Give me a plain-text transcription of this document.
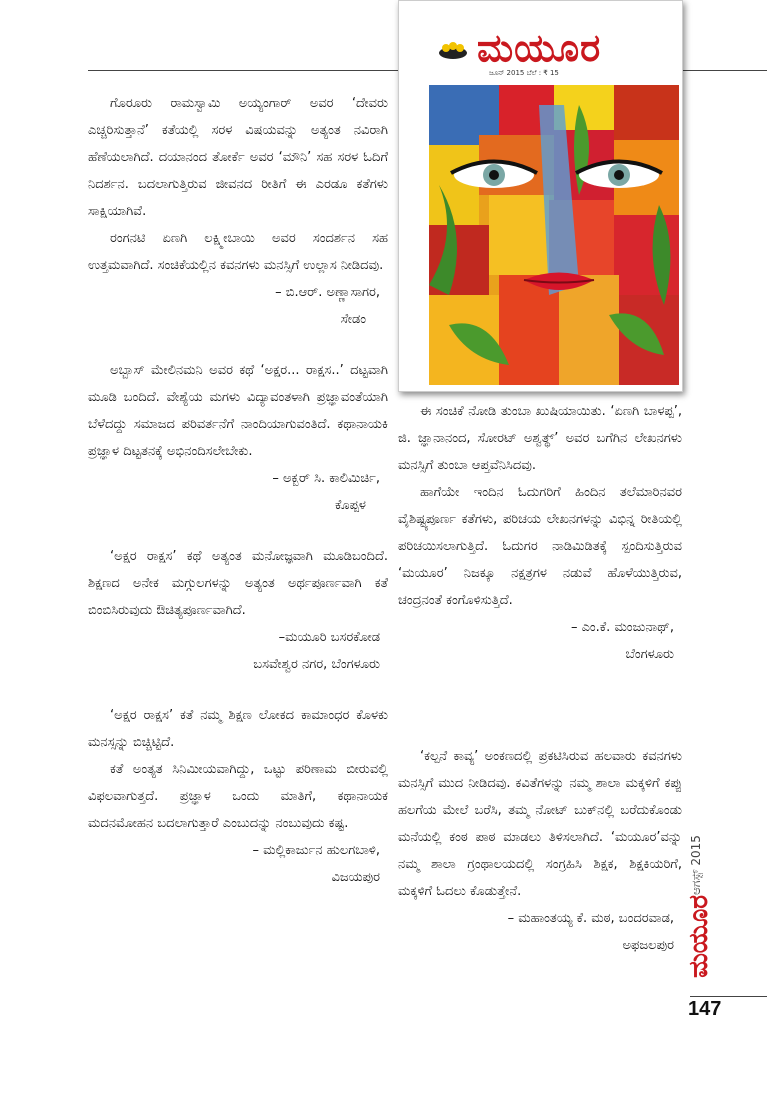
ಮಯೂರ
ಜೂನ್ 2015 ಬೆಲೆ : ₹ 15

ಗೊರೂರು ರಾಮಸ್ವಾಮಿ ಅಯ್ಯಂಗಾರ್ ಅವರ ‘ದೇವರು ಎಚ್ಚರಿಸುತ್ತಾನೆ’ ಕತೆಯಲ್ಲಿ ಸರಳ ವಿಷಯವನ್ನು ಅತ್ಯಂತ ನವಿರಾಗಿ ಹೆಣೆಯಲಾಗಿದೆ. ದಯಾನಂದ ತೋರ್ಕೆ ಅವರ ‘ಮೌನಿ’ ಸಹ ಸರಳ ಓದಿಗೆ ನಿದರ್ಶನ. ಬದಲಾಗುತ್ತಿರುವ ಜೀವನದ ರೀತಿಗೆ ಈ ಎರಡೂ ಕತೆಗಳು ಸಾಕ್ಷಿಯಾಗಿವೆ.

ರಂಗನಟಿ ಏಣಗಿ ಲಕ್ಷ್ಮೀಬಾಯಿ ಅವರ ಸಂದರ್ಶನ ಸಹ ಉತ್ತಮವಾಗಿದೆ. ಸಂಚಿಕೆಯಲ್ಲಿನ ಕವನಗಳು ಮನಸ್ಸಿಗೆ ಉಲ್ಲಾಸ ನೀಡಿದವು.

– ಬಿ.ಆರ್. ಅಣ್ಣಾಸಾಗರ,

ಸೇಡಂ

ಅಬ್ಬಾಸ್ ಮೇಲಿನಮನಿ ಅವರ ಕಥೆ ‘ಅಕ್ಷರ... ರಾಕ್ಷಸ..’ ದಟ್ಟವಾಗಿ ಮೂಡಿ ಬಂದಿದೆ. ವೇಶ್ಯೆಯ ಮಗಳು ವಿದ್ಯಾವಂತಳಾಗಿ ಪ್ರಜ್ಞಾವಂತೆಯಾಗಿ ಬೆಳೆದದ್ದು ಸಮಾಜದ ಪರಿವರ್ತನೆಗೆ ನಾಂದಿಯಾಗುವಂತಿದೆ. ಕಥಾನಾಯಕಿ ಪ್ರಜ್ಞಾಳ ದಿಟ್ಟತನಕ್ಕೆ ಅಭಿನಂದಿಸಲೇಬೇಕು.

– ಅಕ್ಬರ್ ಸಿ. ಕಾಲಿಮಿರ್ಚಿ,

ಕೊಪ್ಪಳ

‘ಅಕ್ಷರ ರಾಕ್ಷಸ’ ಕಥೆ ಅತ್ಯಂತ ಮನೋಜ್ಞವಾಗಿ ಮೂಡಿಬಂದಿದೆ. ಶಿಕ್ಷಣದ ಅನೇಕ ಮಗ್ಗುಲಗಳನ್ನು ಅತ್ಯಂತ ಅರ್ಥಪೂರ್ಣವಾಗಿ ಕತೆ ಬಿಂಬಿಸಿರುವುದು ಔಚಿತ್ಯಪೂರ್ಣವಾಗಿದೆ.

–ಮಯೂರಿ ಬಸರಕೋಡ

ಬಸವೇಶ್ವರ ನಗರ, ಬೆಂಗಳೂರು

‘ಅಕ್ಷರ ರಾಕ್ಷಸ’ ಕತೆ ನಮ್ಮ ಶಿಕ್ಷಣ ಲೋಕದ ಕಾಮಾಂಧರ ಕೊಳಕು ಮನಸ್ಸನ್ನು ಬಿಚ್ಚಿಟ್ಟಿದೆ.

ಕತೆ ಅಂತ್ಯತ ಸಿನಿಮೀಯವಾಗಿದ್ದು, ಒಟ್ಟು ಪರಿಣಾಮ ಬೀರುವಲ್ಲಿ ವಿಫಲವಾಗುತ್ತದೆ. ಪ್ರಜ್ಞಾಳ ಒಂದು ಮಾತಿಗೆ, ಕಥಾನಾಯಕ ಮದನಮೋಹನ ಬದಲಾಗುತ್ತಾರೆ ಎಂಬುದನ್ನು ನಂಬುವುದು ಕಷ್ಟ.

– ಮಲ್ಲಿಕಾರ್ಜುನ ಹುಲಗಬಾಳಿ,

ವಿಜಯಪುರ

ಈ ಸಂಚಿಕೆ ನೋಡಿ ತುಂಬಾ ಖುಷಿಯಾಯಿತು. ‘ಏಣಗಿ ಬಾಳಪ್ಪ’, ಜಿ. ಜ್ಞಾನಾನಂದ, ಸೋರಟ್ ಅಶ್ವತ್ಥ್’ ಅವರ ಬಗೆಗಿನ ಲೇಖನಗಳು ಮನಸ್ಸಿಗೆ ತುಂಬಾ ಆಪ್ತವೆನಿಸಿದವು.

ಹಾಗೆಯೇ ಇಂದಿನ ಓದುಗರಿಗೆ ಹಿಂದಿನ ತಲೆಮಾರಿನವರ ವೈಶಿಷ್ಟ್ಯಪೂರ್ಣ ಕತೆಗಳು, ಪರಿಚಯ ಲೇಖನಗಳನ್ನು ವಿಭಿನ್ನ ರೀತಿಯಲ್ಲಿ ಪರಿಚಯಿಸಲಾಗುತ್ತಿದೆ. ಓದುಗರ ನಾಡಿಮಿಡಿತಕ್ಕೆ ಸ್ಪಂದಿಸುತ್ತಿರುವ ‘ಮಯೂರ’ ನಿಜಕ್ಕೂ ನಕ್ಷತ್ರಗಳ ನಡುವೆ ಹೊಳೆಯುತ್ತಿರುವ, ಚಂದ್ರನಂತೆ ಕಂಗೊಳಿಸುತ್ತಿದೆ.

– ಎಂ.ಕೆ. ಮಂಜುನಾಥ್,

ಬೆಂಗಳೂರು

‘ಕಲ್ಪನೆ ಕಾವ್ಯ’ ಅಂಕಣದಲ್ಲಿ ಪ್ರಕಟಿಸಿರುವ ಹಲವಾರು ಕವನಗಳು ಮನಸ್ಸಿಗೆ ಮುದ ನೀಡಿದವು. ಕವಿತೆಗಳನ್ನು ನಮ್ಮ ಶಾಲಾ ಮಕ್ಕಳಿಗೆ ಕಪ್ಪು ಹಲಗೆಯ ಮೇಲೆ ಬರೆಸಿ, ತಮ್ಮ ನೋಟ್ ಬುಕ್‌ನಲ್ಲಿ ಬರೆದುಕೊಂಡು ಮನೆಯಲ್ಲಿ ಕಂಠ ಪಾಠ ಮಾಡಲು ತಿಳಿಸಲಾಗಿದೆ. ‘ಮಯೂರ’ವನ್ನು ನಮ್ಮ ಶಾಲಾ ಗ್ರಂಥಾಲಯದಲ್ಲಿ ಸಂಗ್ರಹಿಸಿ ಶಿಕ್ಷಕ, ಶಿಕ್ಷಕಿಯರಿಗೆ, ಮಕ್ಕಳಿಗೆ ಓದಲು ಕೊಡುತ್ತೇನೆ.

– ಮಹಾಂತಯ್ಯ ಕೆ. ಮಠ, ಬಂದರವಾಡ,

ಅಫಜಲಪುರ

ಆಗಸ್ಟ್ 2015
ಮಯೂರ
147
